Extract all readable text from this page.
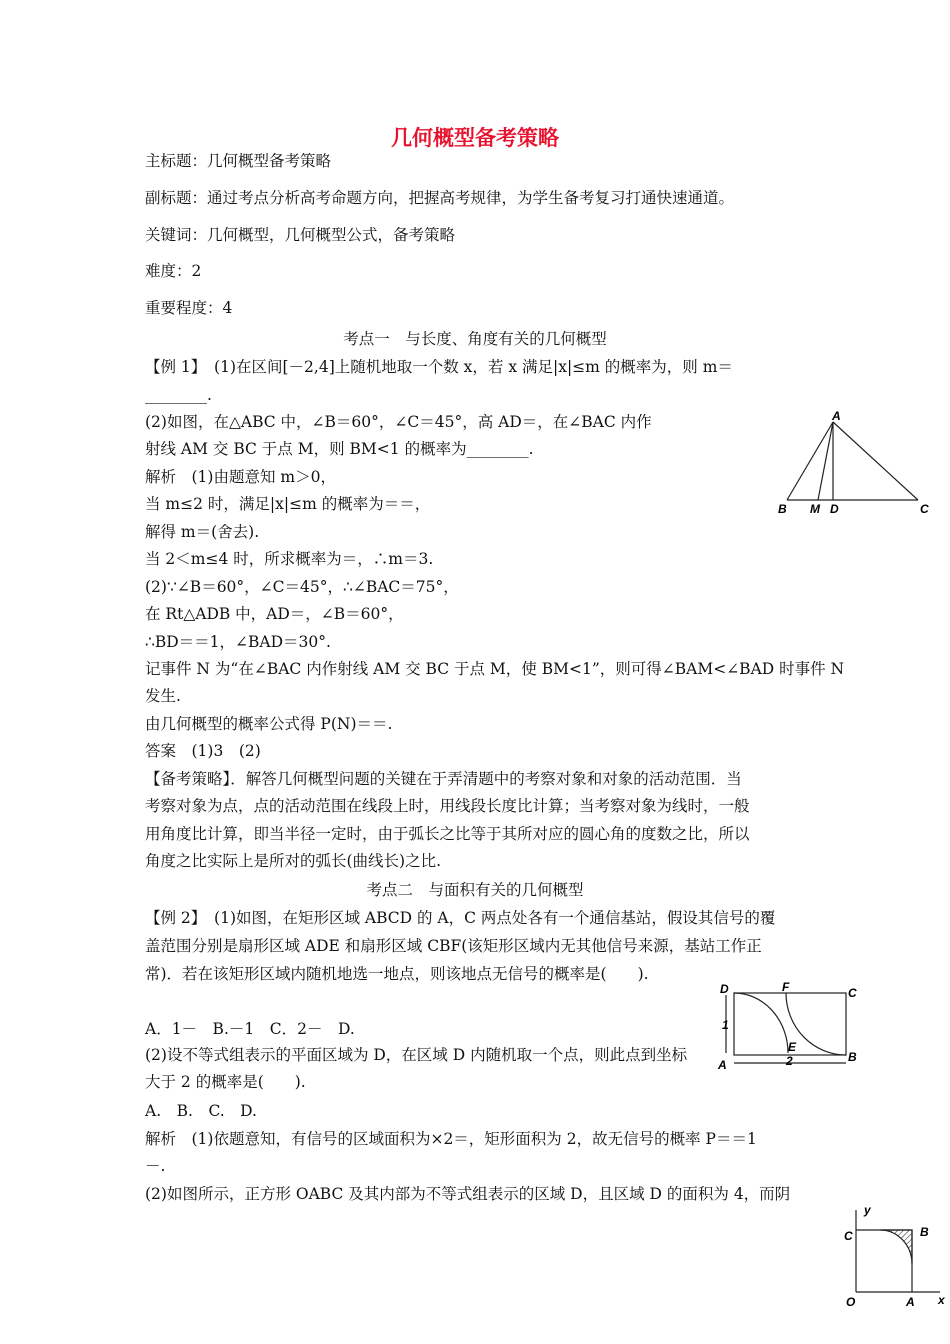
几何概型备考策略
主标题：几何概型备考策略
副标题：通过考点分析高考命题方向，把握高考规律，为学生备考复习打通快速通道。
关键词：几何概型，几何概型公式，备考策略
难度：2
重要程度：4
考点一　与长度、角度有关的几何概型
【例 1】　(1)在区间[－2,4]上随机地取一个数 x，若 x 满足|x|≤m 的概率为，则 m＝
________.
(2)如图，在△ABC 中，∠B＝60°，∠C＝45°，高 AD＝，在∠BAC 内作
射线 AM 交 BC 于点 M，则 BM<1 的概率为________.
解析　(1)由题意知 m＞0，
当 m≤2 时，满足|x|≤m 的概率为＝＝，
解得 m＝(舍去).
当 2＜m≤4 时，所求概率为＝，∴m＝3.
(2)∵∠B＝60°，∠C＝45°，∴∠BAC＝75°，
在 Rt△ADB 中，AD＝，∠B＝60°，
∴BD＝＝1，∠BAD＝30°.
记事件 N 为“在∠BAC 内作射线 AM 交 BC 于点 M，使 BM<1”，则可得∠BAM<∠BAD 时事件 N
发生.
由几何概型的概率公式得 P(N)＝＝.
答案　(1)3　(2)
【备考策略】．解答几何概型问题的关键在于弄清题中的考察对象和对象的活动范围．当
考察对象为点，点的活动范围在线段上时，用线段长度比计算；当考察对象为线时，一般
用角度比计算，即当半径一定时，由于弧长之比等于其所对应的圆心角的度数之比，所以
角度之比实际上是所对的弧长(曲线长)之比.
考点二　与面积有关的几何概型
【例 2】　(1)如图，在矩形区域 ABCD 的 A，C 两点处各有一个通信基站，假设其信号的覆
盖范围分别是扇形区域 ADE 和扇形区域 CBF(该矩形区域内无其他信号来源，基站工作正
常)．若在该矩形区域内随机地选一地点，则该地点无信号的概率是(　　).
A．1－　B.－1　C．2－　D.
(2)设不等式组表示的平面区域为 D，在区域 D 内随机取一个点，则此点到坐标
大于 2 的概率是(　　).
A.　B.　C.　D.
解析　(1)依题意知，有信号的区域面积为×2＝，矩形面积为 2，故无信号的概率 P＝＝1
－.
(2)如图所示，正方形 OABC 及其内部为不等式组表示的区域 D，且区域 D 的面积为 4，而阴
A
B M D	C
D	F	C
E
A
B
1
2
y
C	B
O	A x
